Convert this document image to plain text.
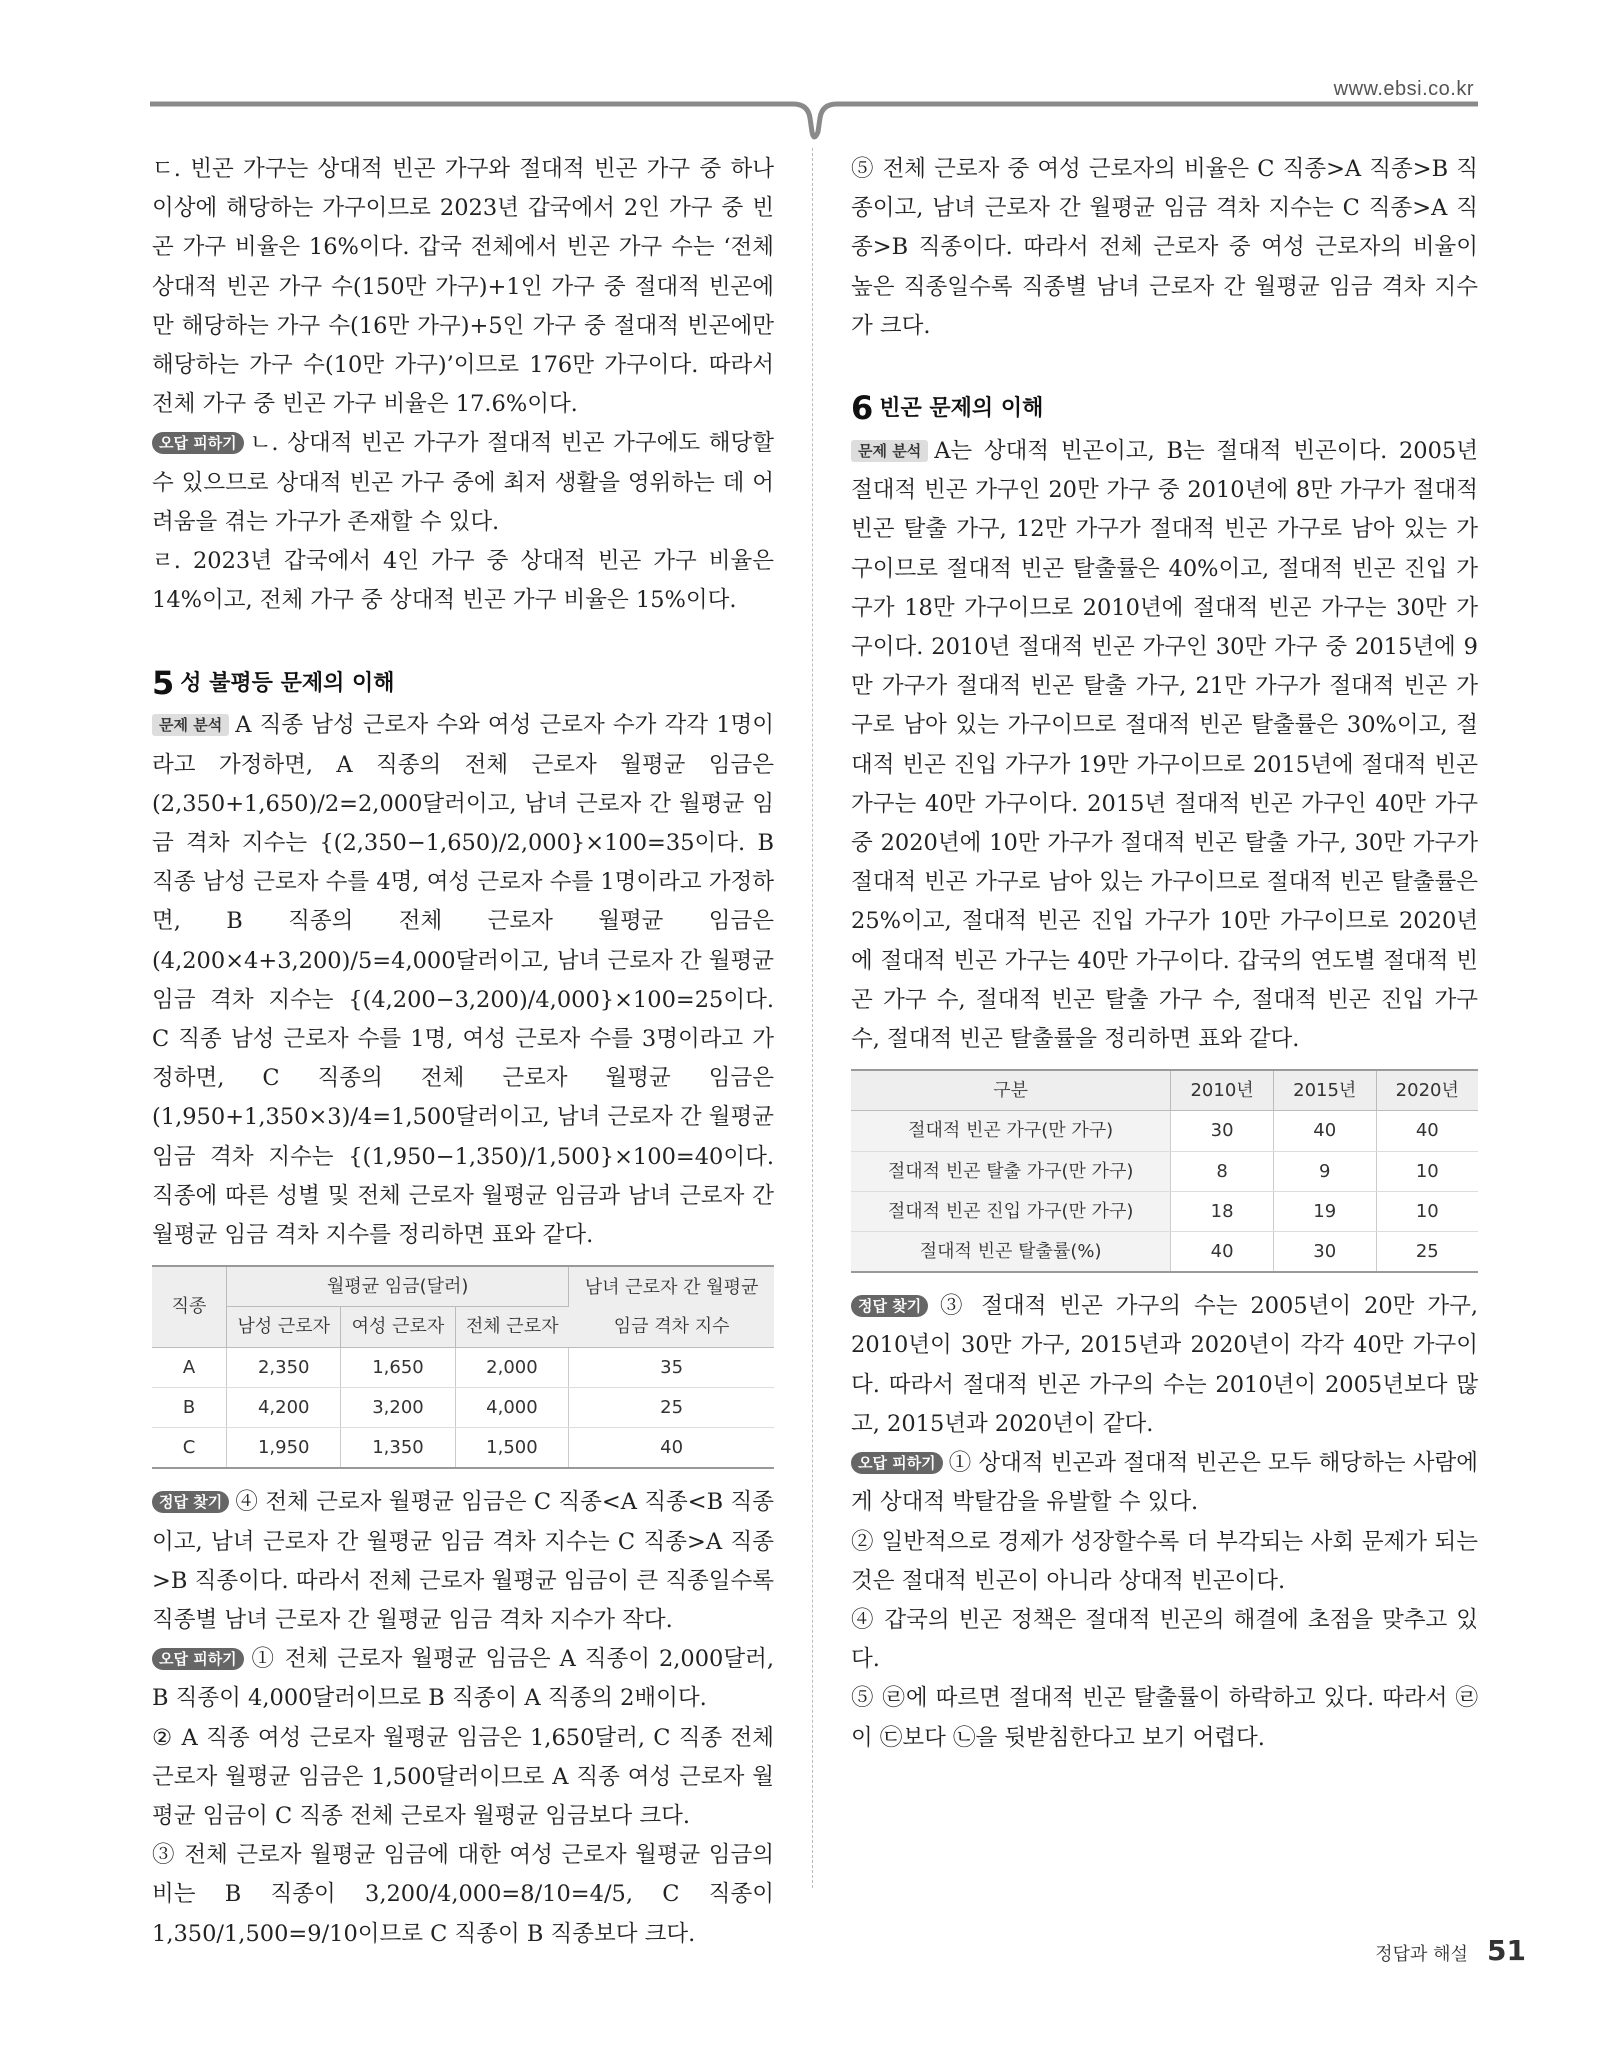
www.ebsi.co.kr

ㄷ. 빈곤 가구는 상대적 빈곤 가구와 절대적 빈곤 가구 중 하나 이상에 해당하는 가구이므로 2023년 갑국에서 2인 가구 중 빈곤 가구 비율은 16%이다. 갑국 전체에서 빈곤 가구 수는 ‘전체 상대적 빈곤 가구 수(150만 가구)+1인 가구 중 절대적 빈곤에만 해당하는 가구 수(16만 가구)+5인 가구 중 절대적 빈곤에만 해당하는 가구 수(10만 가구)’이므로 176만 가구이다. 따라서 전체 가구 중 빈곤 가구 비율은 17.6%이다.

오답 피하기 ㄴ. 상대적 빈곤 가구가 절대적 빈곤 가구에도 해당할 수 있으므로 상대적 빈곤 가구 중에 최저 생활을 영위하는 데 어려움을 겪는 가구가 존재할 수 있다.

ㄹ. 2023년 갑국에서 4인 가구 중 상대적 빈곤 가구 비율은 14%이고, 전체 가구 중 상대적 빈곤 가구 비율은 15%이다.

5 성 불평등 문제의 이해

문제 분석 A 직종 남성 근로자 수와 여성 근로자 수가 각각 1명이라고 가정하면, A 직종의 전체 근로자 월평균 임금은 (2,350+1,650)/2=2,000달러이고, 남녀 근로자 간 월평균 임금 격차 지수는 {(2,350−1,650)/2,000}×100=35이다. B 직종 남성 근로자 수를 4명, 여성 근로자 수를 1명이라고 가정하면, B 직종의 전체 근로자 월평균 임금은 (4,200×4+3,200)/5=4,000달러이고, 남녀 근로자 간 월평균 임금 격차 지수는 {(4,200−3,200)/4,000}×100=25이다. C 직종 남성 근로자 수를 1명, 여성 근로자 수를 3명이라고 가정하면, C 직종의 전체 근로자 월평균 임금은 (1,950+1,350×3)/4=1,500달러이고, 남녀 근로자 간 월평균 임금 격차 지수는 {(1,950−1,350)/1,500}×100=40이다. 직종에 따른 성별 및 전체 근로자 월평균 임금과 남녀 근로자 간 월평균 임금 격차 지수를 정리하면 표와 같다.

직종	월평균 임금(달러)			남녀 근로자 간 월평균
임금 격차 지수
	남성 근로자	여성 근로자	전체 근로자	
A	2,350	1,650	2,000	35
B	4,200	3,200	4,000	25
C	1,950	1,350	1,500	40

정답 찾기 ④ 전체 근로자 월평균 임금은 C 직종<A 직종<B 직종이고, 남녀 근로자 간 월평균 임금 격차 지수는 C 직종>A 직종>B 직종이다. 따라서 전체 근로자 월평균 임금이 큰 직종일수록 직종별 남녀 근로자 간 월평균 임금 격차 지수가 작다.

오답 피하기 ① 전체 근로자 월평균 임금은 A 직종이 2,000달러, B 직종이 4,000달러이므로 B 직종이 A 직종의 2배이다.

② A 직종 여성 근로자 월평균 임금은 1,650달러, C 직종 전체 근로자 월평균 임금은 1,500달러이므로 A 직종 여성 근로자 월평균 임금이 C 직종 전체 근로자 월평균 임금보다 크다.

③ 전체 근로자 월평균 임금에 대한 여성 근로자 월평균 임금의 비는 B 직종이 3,200/4,000=8/10=4/5, C 직종이 1,350/1,500=9/10이므로 C 직종이 B 직종보다 크다.

⑤ 전체 근로자 중 여성 근로자의 비율은 C 직종>A 직종>B 직종이고, 남녀 근로자 간 월평균 임금 격차 지수는 C 직종>A 직종>B 직종이다. 따라서 전체 근로자 중 여성 근로자의 비율이 높은 직종일수록 직종별 남녀 근로자 간 월평균 임금 격차 지수가 크다.

6 빈곤 문제의 이해

문제 분석 A는 상대적 빈곤이고, B는 절대적 빈곤이다. 2005년 절대적 빈곤 가구인 20만 가구 중 2010년에 8만 가구가 절대적 빈곤 탈출 가구, 12만 가구가 절대적 빈곤 가구로 남아 있는 가구이므로 절대적 빈곤 탈출률은 40%이고, 절대적 빈곤 진입 가구가 18만 가구이므로 2010년에 절대적 빈곤 가구는 30만 가구이다. 2010년 절대적 빈곤 가구인 30만 가구 중 2015년에 9만 가구가 절대적 빈곤 탈출 가구, 21만 가구가 절대적 빈곤 가구로 남아 있는 가구이므로 절대적 빈곤 탈출률은 30%이고, 절대적 빈곤 진입 가구가 19만 가구이므로 2015년에 절대적 빈곤 가구는 40만 가구이다. 2015년 절대적 빈곤 가구인 40만 가구 중 2020년에 10만 가구가 절대적 빈곤 탈출 가구, 30만 가구가 절대적 빈곤 가구로 남아 있는 가구이므로 절대적 빈곤 탈출률은 25%이고, 절대적 빈곤 진입 가구가 10만 가구이므로 2020년에 절대적 빈곤 가구는 40만 가구이다. 갑국의 연도별 절대적 빈곤 가구 수, 절대적 빈곤 탈출 가구 수, 절대적 빈곤 진입 가구 수, 절대적 빈곤 탈출률을 정리하면 표와 같다.

구분	2010년	2015년	2020년
절대적 빈곤 가구(만 가구)	30	40	40
절대적 빈곤 탈출 가구(만 가구)	8	9	10
절대적 빈곤 진입 가구(만 가구)	18	19	10
절대적 빈곤 탈출률(%)	40	30	25

정답 찾기 ③ 절대적 빈곤 가구의 수는 2005년이 20만 가구, 2010년이 30만 가구, 2015년과 2020년이 각각 40만 가구이다. 따라서 절대적 빈곤 가구의 수는 2010년이 2005년보다 많고, 2015년과 2020년이 같다.

오답 피하기 ① 상대적 빈곤과 절대적 빈곤은 모두 해당하는 사람에게 상대적 박탈감을 유발할 수 있다.

② 일반적으로 경제가 성장할수록 더 부각되는 사회 문제가 되는 것은 절대적 빈곤이 아니라 상대적 빈곤이다.

④ 갑국의 빈곤 정책은 절대적 빈곤의 해결에 초점을 맞추고 있다.

⑤ ㉣에 따르면 절대적 빈곤 탈출률이 하락하고 있다. 따라서 ㉣이 ㉢보다 ㉡을 뒷받침한다고 보기 어렵다.

정답과 해설 51
